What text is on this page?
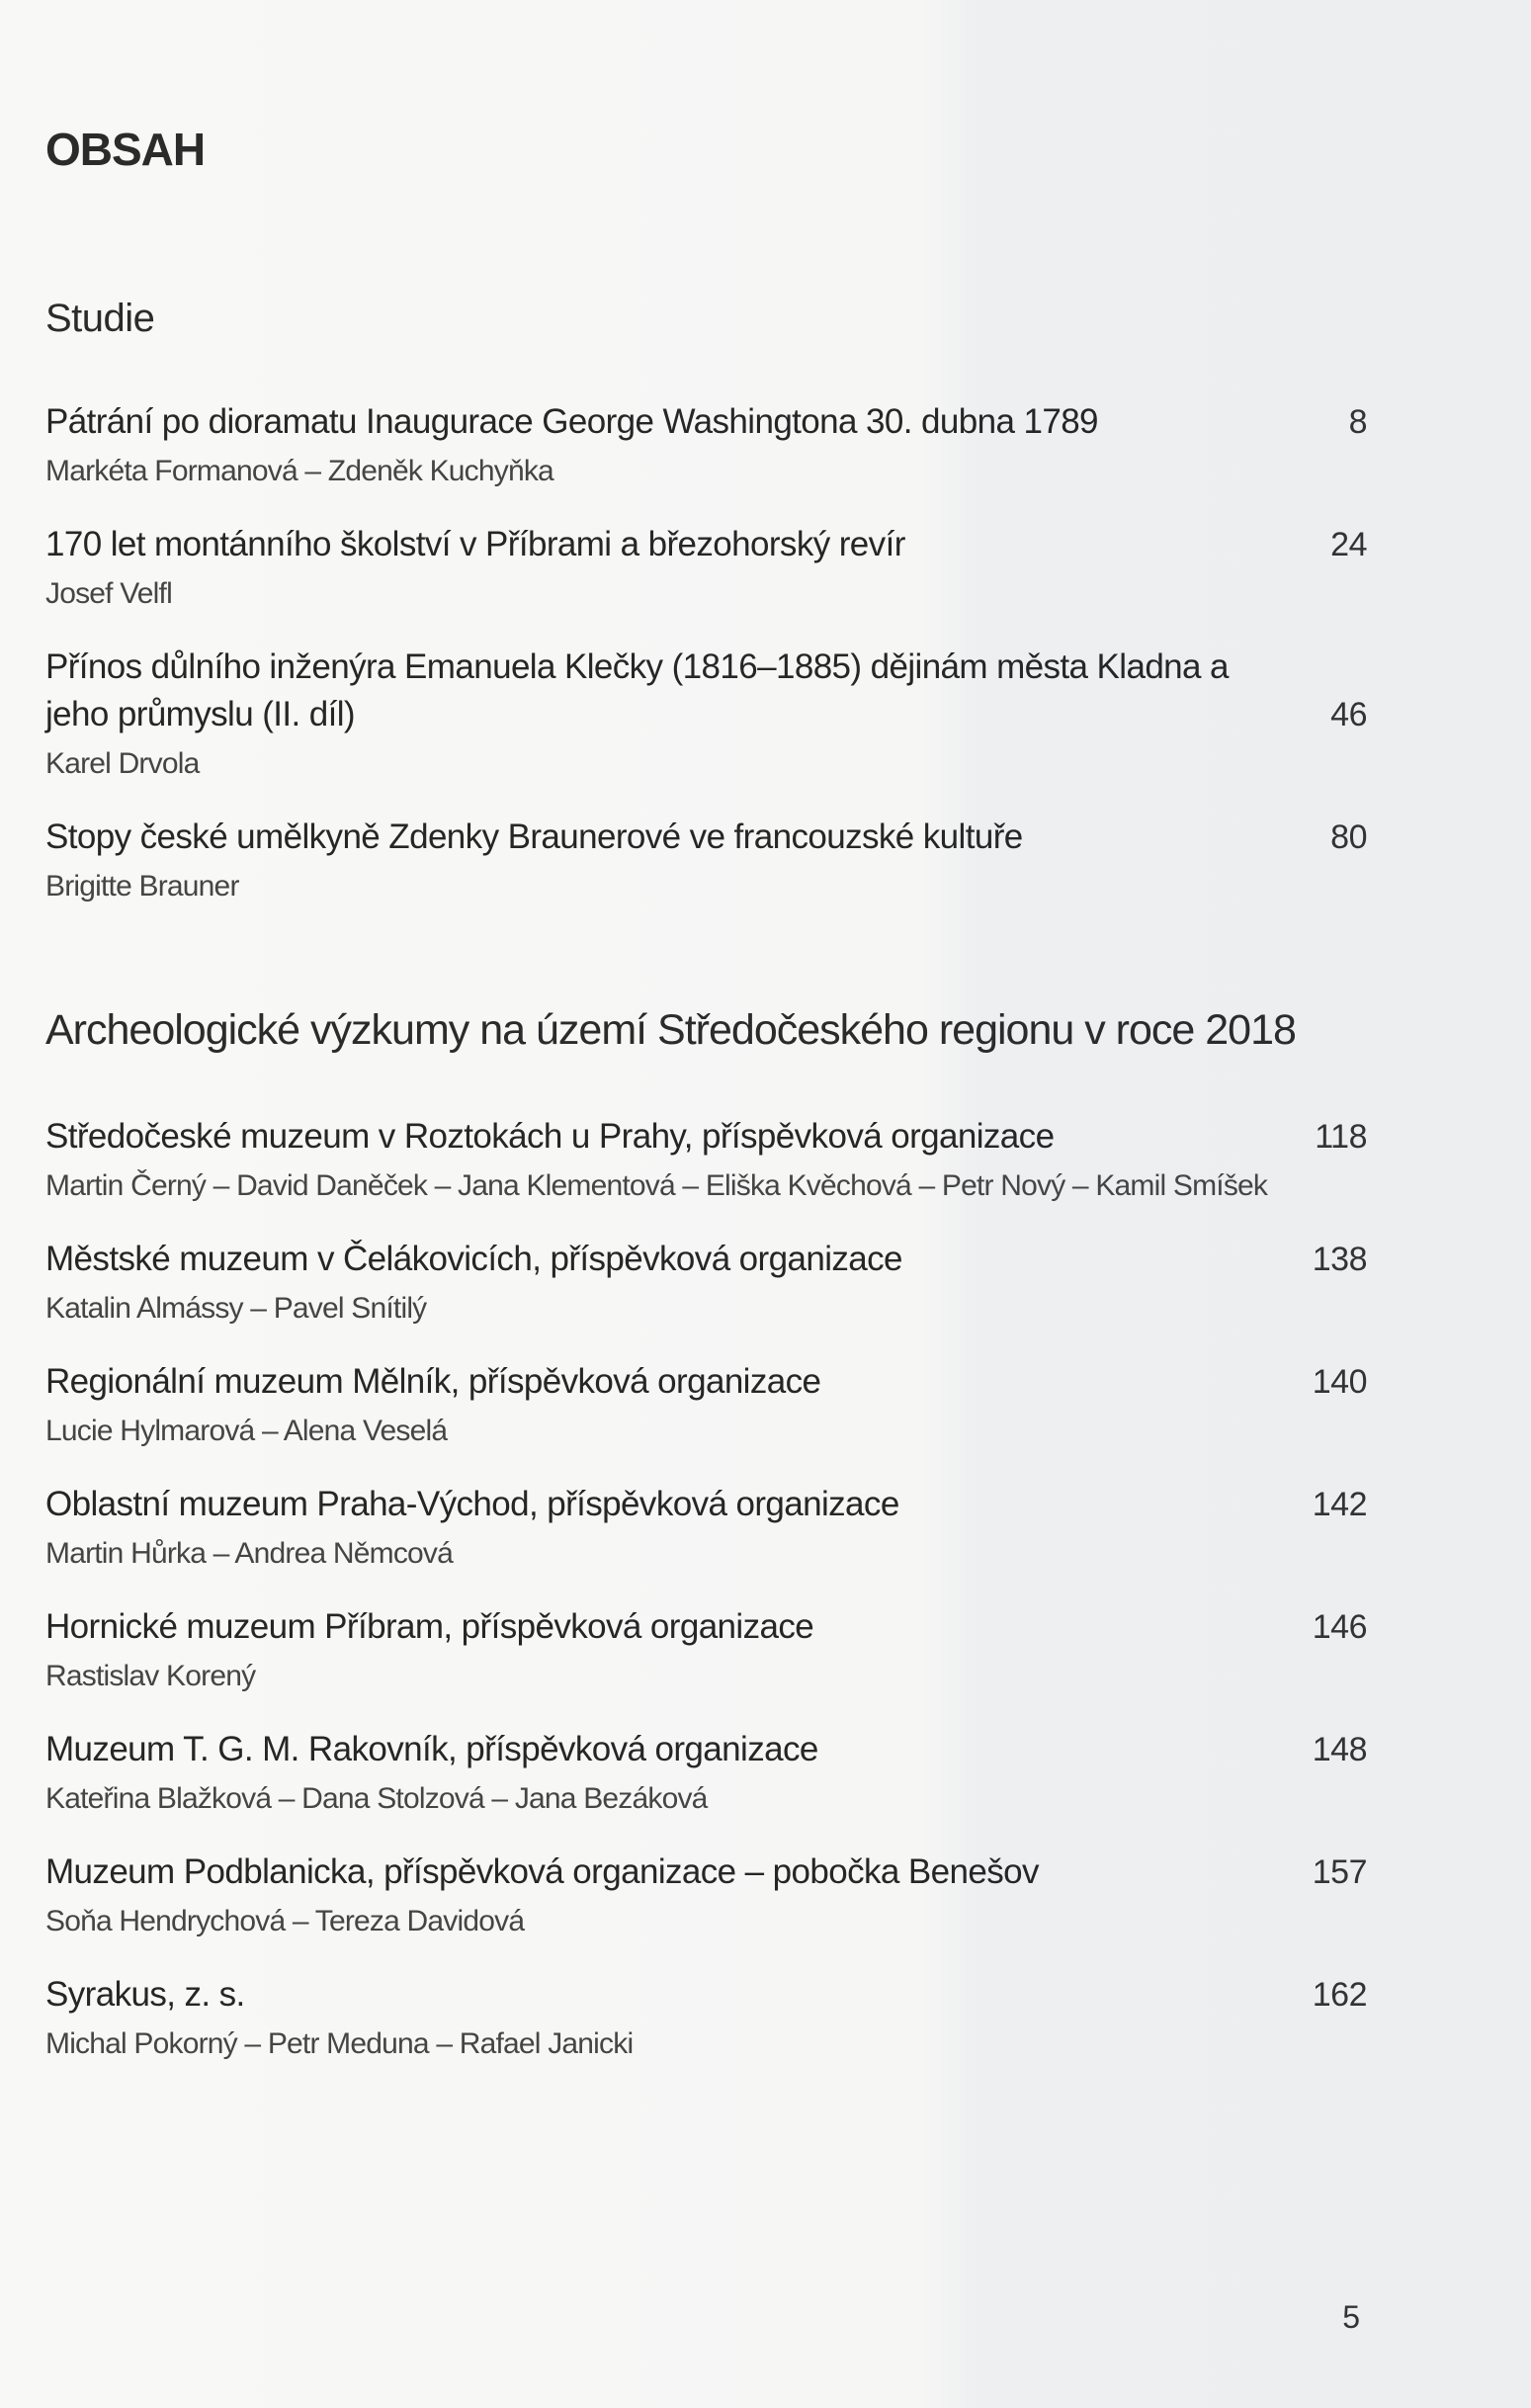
OBSAH
Studie
Pátrání po dioramatu Inaugurace George Washingtona 30. dubna 1789	8
Markéta Formanová – Zdeněk Kuchyňka
170 let montánního školství v Příbrami a březohorský revír	24
Josef Velfl
Přínos důlního inženýra Emanuela Klečky (1816–1885) dějinám města Kladna a jeho průmyslu (II. díl)	46
Karel Drvola
Stopy české umělkyně Zdenky Braunerové ve francouzské kultuře	80
Brigitte Brauner
Archeologické výzkumy na území Středočeského regionu v roce 2018
Středočeské muzeum v Roztokách u Prahy, příspěvková organizace	118
Martin Černý – David Daněček – Jana Klementová – Eliška Kvěchová – Petr Nový – Kamil Smíšek
Městské muzeum v Čelákovicích, příspěvková organizace	138
Katalin Almássy – Pavel Snítilý
Regionální muzeum Mělník, příspěvková organizace	140
Lucie Hylmarová – Alena Veselá
Oblastní muzeum Praha-Východ, příspěvková organizace	142
Martin Hůrka – Andrea Němcová
Hornické muzeum Příbram, příspěvková organizace	146
Rastislav Korený
Muzeum T. G. M. Rakovník, příspěvková organizace	148
Kateřina Blažková – Dana Stolzová – Jana Bezáková
Muzeum Podblanicka, příspěvková organizace – pobočka Benešov	157
Soňa Hendrychová – Tereza Davidová
Syrakus, z. s.	162
Michal Pokorný – Petr Meduna – Rafael Janicki
5
